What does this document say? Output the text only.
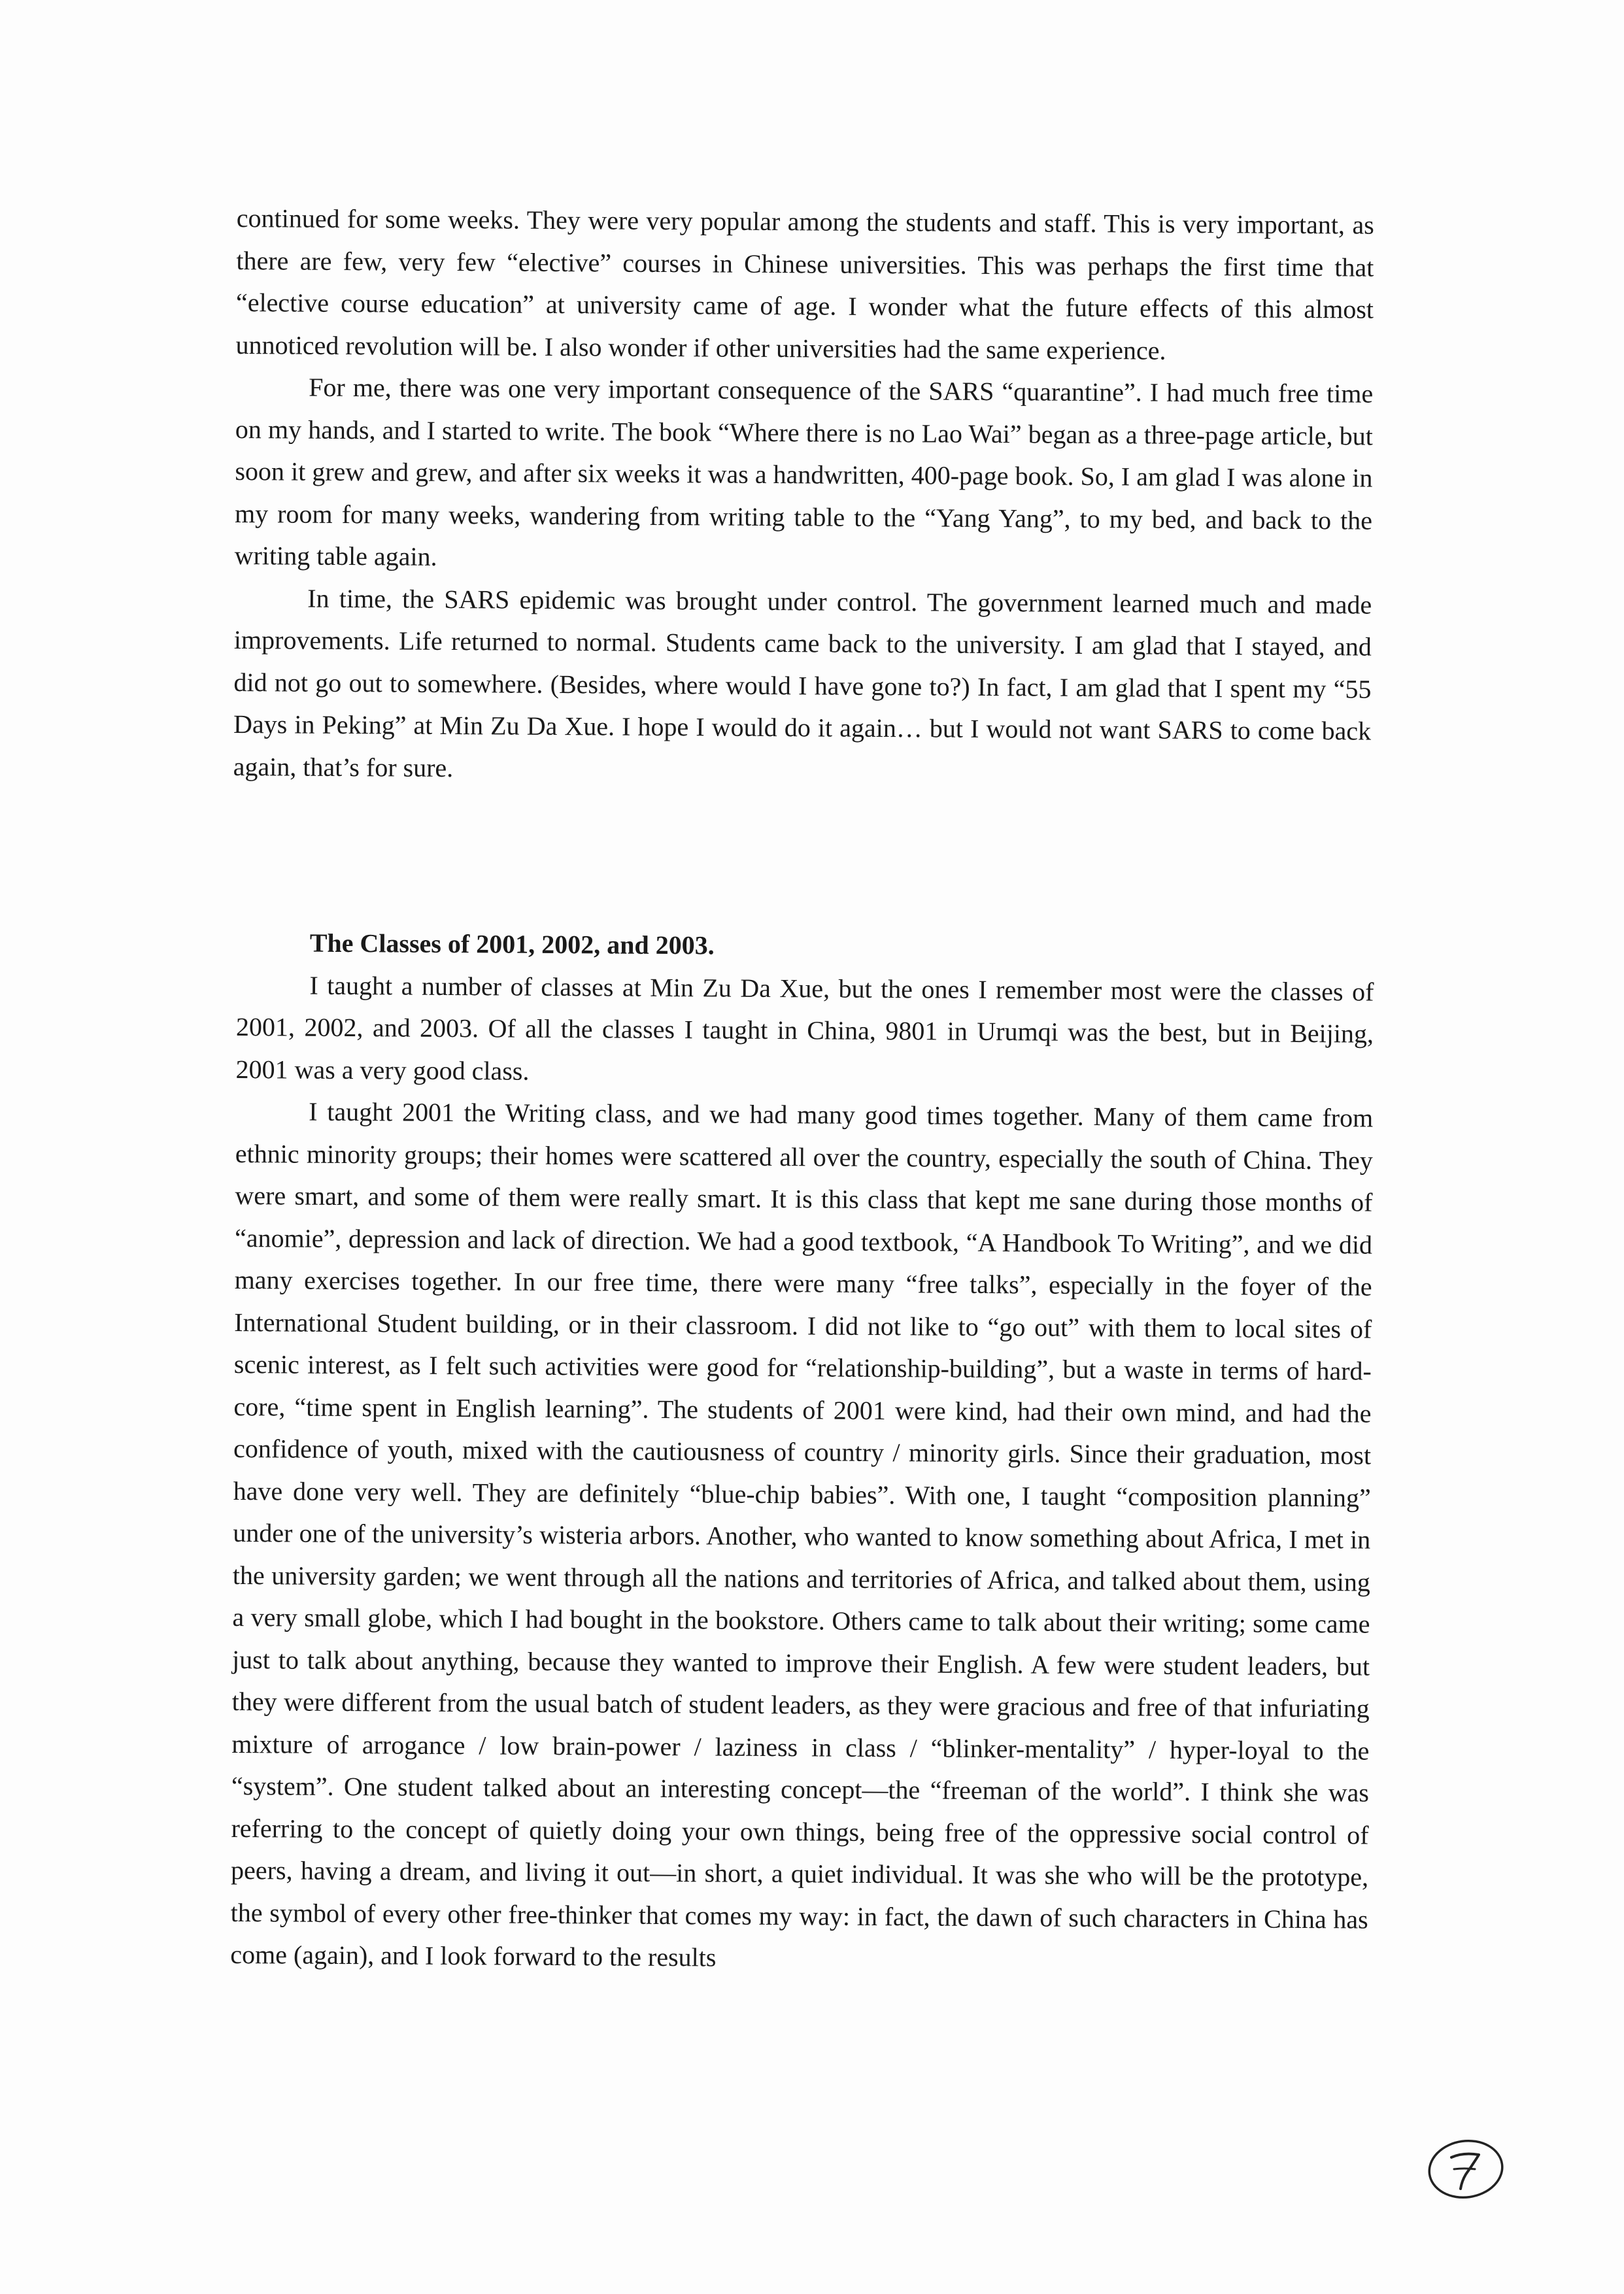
continued for some weeks. They were very popular among the students and staff. This is very important, as there are few, very few “elective” courses in Chinese universities. This was perhaps the first time that “elective course education” at university came of age. I wonder what the future effects of this almost unnoticed revolution will be. I also wonder if other universities had the same experience.

For me, there was one very important consequence of the SARS “quarantine”. I had much free time on my hands, and I started to write. The book “Where there is no Lao Wai” began as a three-page article, but soon it grew and grew, and after six weeks it was a handwritten, 400-page book. So, I am glad I was alone in my room for many weeks, wandering from writing table to the “Yang Yang”, to my bed, and back to the writing table again.

In time, the SARS epidemic was brought under control. The government learned much and made improvements. Life returned to normal. Students came back to the university. I am glad that I stayed, and did not go out to somewhere. (Besides, where would I have gone to?) In fact, I am glad that I spent my “55 Days in Peking” at Min Zu Da Xue. I hope I would do it again… but I would not want SARS to come back again, that’s for sure.

The Classes of 2001, 2002, and 2003.

I taught a number of classes at Min Zu Da Xue, but the ones I remember most were the classes of 2001, 2002, and 2003. Of all the classes I taught in China, 9801 in Urumqi was the best, but in Beijing, 2001 was a very good class.

I taught 2001 the Writing class, and we had many good times together. Many of them came from ethnic minority groups; their homes were scattered all over the country, especially the south of China. They were smart, and some of them were really smart. It is this class that kept me sane during those months of “anomie”, depression and lack of direction. We had a good textbook, “A Handbook To Writing”, and we did many exercises together. In our free time, there were many “free talks”, especially in the foyer of the International Student building, or in their classroom. I did not like to “go out” with them to local sites of scenic interest, as I felt such activities were good for “relationship-building”, but a waste in terms of hard-core, “time spent in English learning”. The students of 2001 were kind, had their own mind, and had the confidence of youth, mixed with the cautiousness of country / minority girls. Since their graduation, most have done very well. They are definitely “blue-chip babies”. With one, I taught “composition planning” under one of the university’s wisteria arbors. Another, who wanted to know something about Africa, I met in the university garden; we went through all the nations and territories of Africa, and talked about them, using a very small globe, which I had bought in the bookstore. Others came to talk about their writing; some came just to talk about anything, because they wanted to improve their English. A few were student leaders, but they were different from the usual batch of student leaders, as they were gracious and free of that infuriating mixture of arrogance / low brain-power / laziness in class / “blinker-mentality” / hyper-loyal to the “system”. One student talked about an interesting concept—the “freeman of the world”. I think she was referring to the concept of quietly doing your own things, being free of the oppressive social control of peers, having a dream, and living it out—in short, a quiet individual. It was she who will be the prototype, the symbol of every other free-thinker that comes my way: in fact, the dawn of such characters in China has come (again), and I look forward to the results
